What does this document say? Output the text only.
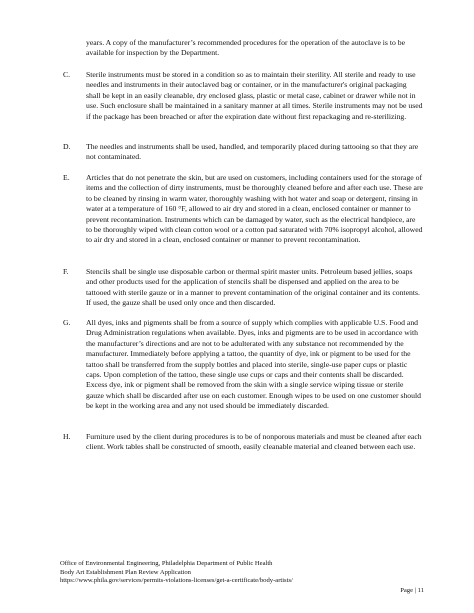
years. A copy of the manufacturer’s recommended procedures for the operation of the autoclave is to be available for inspection by the Department.
C.	Sterile instruments must be stored in a condition so as to maintain their sterility. All sterile and ready to use needles and instruments in their autoclaved bag or container, or in the manufacturer's original packaging shall be kept in an easily cleanable, dry enclosed glass, plastic or metal case, cabinet or drawer while not in use. Such enclosure shall be maintained in a sanitary manner at all times. Sterile instruments may not be used if the package has been breached or after the expiration date without first repackaging and re-sterilizing.
D.	The needles and instruments shall be used, handled, and temporarily placed during tattooing so that they are not contaminated.
E.	Articles that do not penetrate the skin, but are used on customers, including containers used for the storage of items and the collection of dirty instruments, must be thoroughly cleaned before and after each use. These are to be cleaned by rinsing in warm water, thoroughly washing with hot water and soap or detergent, rinsing in water at a temperature of 160 °F, allowed to air dry and stored in a clean, enclosed container or manner to prevent recontamination. Instruments which can be damaged by water, such as the electrical handpiece, are to be thoroughly wiped with clean cotton wool or a cotton pad saturated with 70% isopropyl alcohol, allowed to air dry and stored in a clean, enclosed container or manner to prevent recontamination.
F.	Stencils shall be single use disposable carbon or thermal spirit master units. Petroleum based jellies, soaps and other products used for the application of stencils shall be dispensed and applied on the area to be tattooed with sterile gauze or in a manner to prevent contamination of the original container and its contents. If used, the gauze shall be used only once and then discarded.
G.	All dyes, inks and pigments shall be from a source of supply which complies with applicable U.S. Food and Drug Administration regulations when available. Dyes, inks and pigments are to be used in accordance with the manufacturer’s directions and are not to be adulterated with any substance not recommended by the manufacturer. Immediately before applying a tattoo, the quantity of dye, ink or pigment to be used for the tattoo shall be transferred from the supply bottles and placed into sterile, single-use paper cups or plastic caps. Upon completion of the tattoo, these single use cups or caps and their contents shall be discarded. Excess dye, ink or pigment shall be removed from the skin with a single service wiping tissue or sterile gauze which shall be discarded after use on each customer. Enough wipes to be used on one customer should be kept in the working area and any not used should be immediately discarded.
H.	Furniture used by the client during procedures is to be of nonporous materials and must be cleaned after each client. Work tables shall be constructed of smooth, easily cleanable material and cleaned between each use.
Office of Environmental Engineering, Philadelphia Department of Public Health
Body Art Establishment Plan Review Application
https://www.phila.gov/services/permits-violations-licenses/get-a-certificate/body-artists/
Page | 11
